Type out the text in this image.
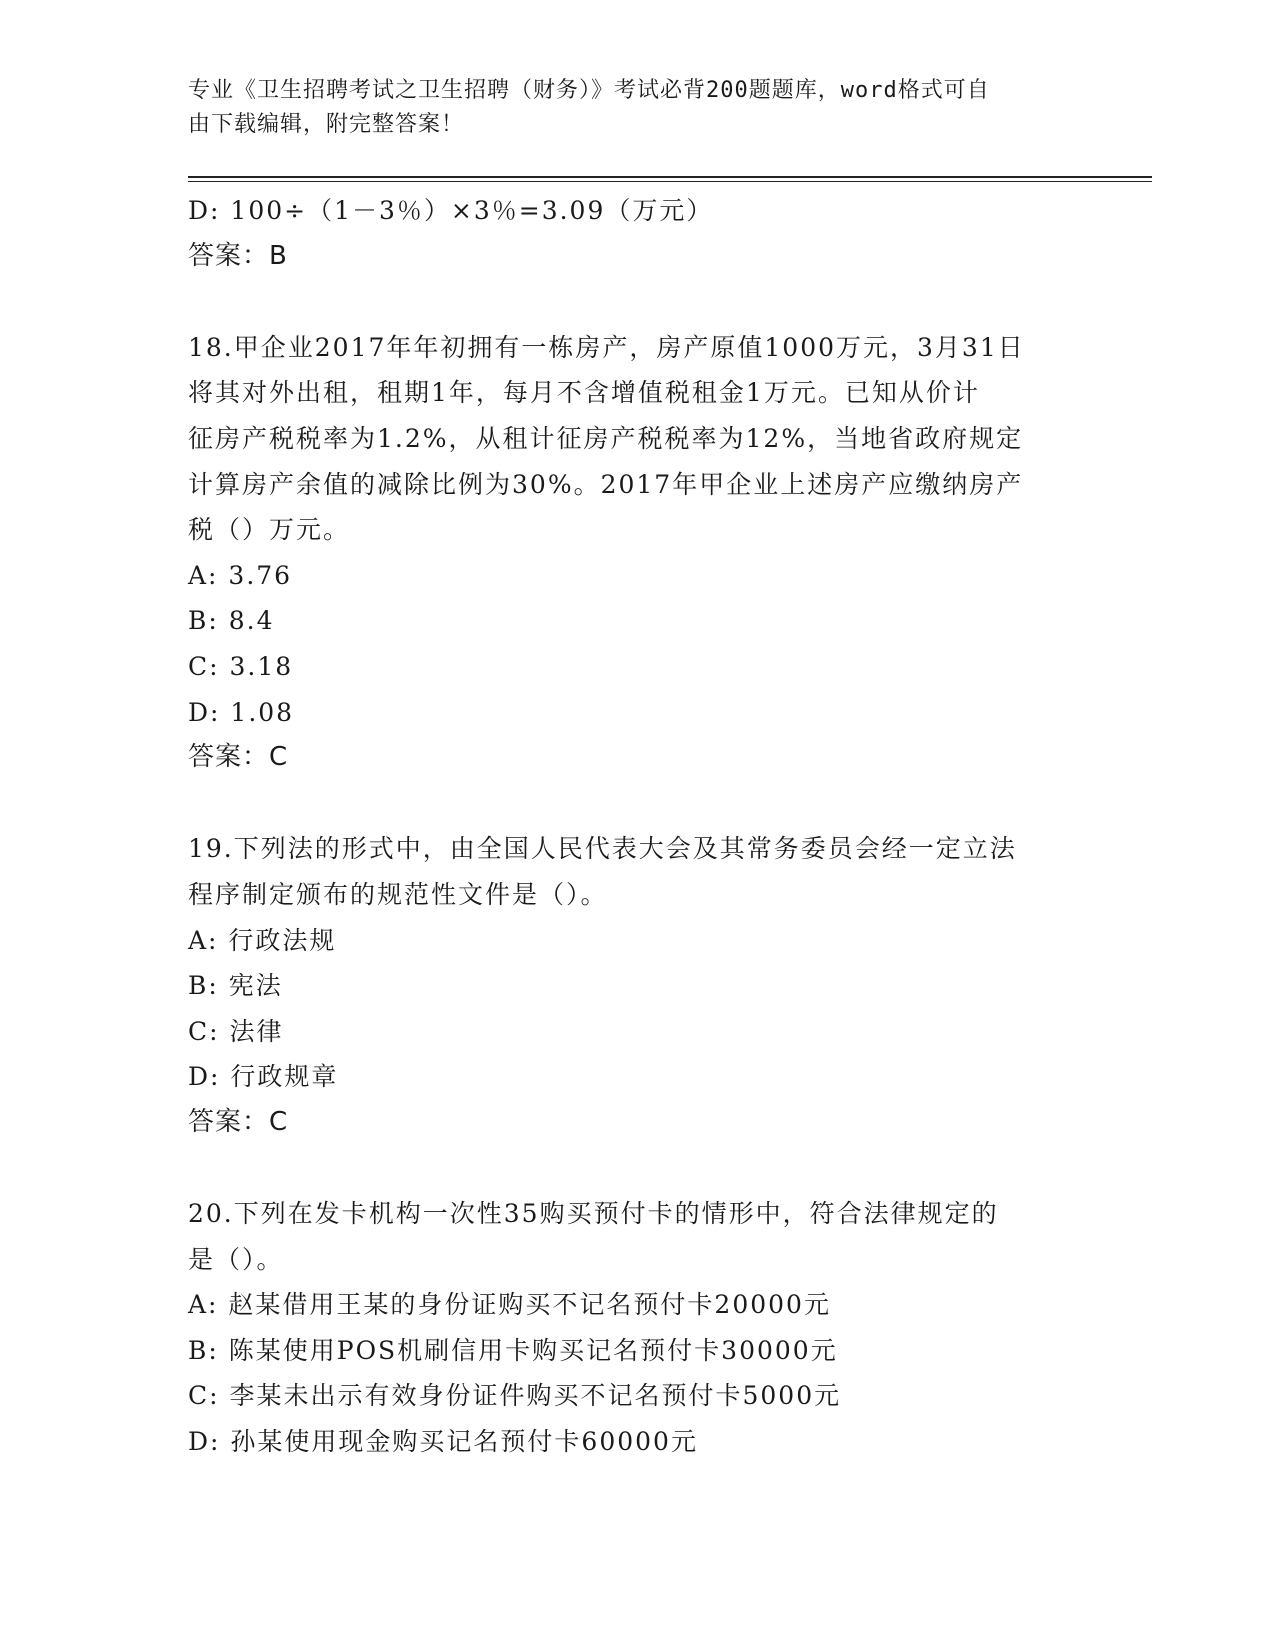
专业《卫生招聘考试之卫生招聘（财务）》考试必背200题题库，word格式可自
由下载编辑，附完整答案！
D: 100÷（1－3％）×3％=3.09（万元）
答案：B
18.甲企业2017年年初拥有一栋房产，房产原值1000万元，3月31日
将其对外出租，租期1年，每月不含增值税租金1万元。已知从价计
征房产税税率为1.2%，从租计征房产税税率为12%，当地省政府规定
计算房产余值的减除比例为30%。2017年甲企业上述房产应缴纳房产
税（）万元。
A: 3.76
B: 8.4
C: 3.18
D: 1.08
答案：C
19.下列法的形式中，由全国人民代表大会及其常务委员会经一定立法
程序制定颁布的规范性文件是（）。
A: 行政法规
B: 宪法
C: 法律
D: 行政规章
答案：C
20.下列在发卡机构一次性35购买预付卡的情形中，符合法律规定的
是（）。
A: 赵某借用王某的身份证购买不记名预付卡20000元
B: 陈某使用POS机刷信用卡购买记名预付卡30000元
C: 李某未出示有效身份证件购买不记名预付卡5000元
D: 孙某使用现金购买记名预付卡60000元
